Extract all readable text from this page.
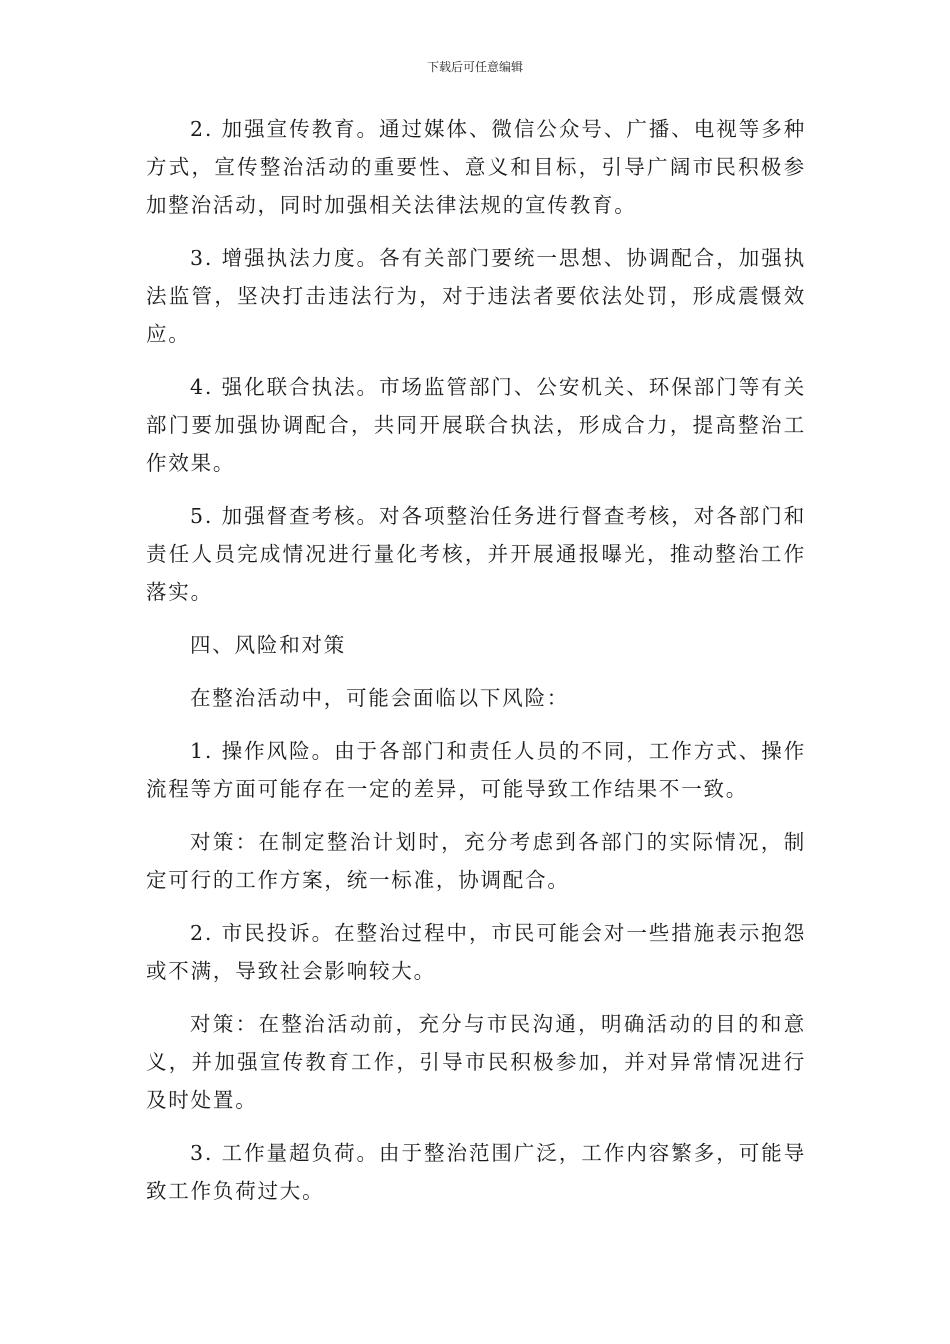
下载后可任意编辑

2. 加强宣传教育。通过媒体、微信公众号、广播、电视等多种方式，宣传整治活动的重要性、意义和目标，引导广阔市民积极参加整治活动，同时加强相关法律法规的宣传教育。

3. 增强执法力度。各有关部门要统一思想、协调配合，加强执法监管，坚决打击违法行为，对于违法者要依法处罚，形成震慑效应。

4. 强化联合执法。市场监管部门、公安机关、环保部门等有关部门要加强协调配合，共同开展联合执法，形成合力，提高整治工作效果。

5. 加强督查考核。对各项整治任务进行督查考核，对各部门和责任人员完成情况进行量化考核，并开展通报曝光，推动整治工作落实。

四、风险和对策

在整治活动中，可能会面临以下风险：

1. 操作风险。由于各部门和责任人员的不同，工作方式、操作流程等方面可能存在一定的差异，可能导致工作结果不一致。

对策：在制定整治计划时，充分考虑到各部门的实际情况，制定可行的工作方案，统一标准，协调配合。

2. 市民投诉。在整治过程中，市民可能会对一些措施表示抱怨或不满，导致社会影响较大。

对策：在整治活动前，充分与市民沟通，明确活动的目的和意义，并加强宣传教育工作，引导市民积极参加，并对异常情况进行及时处置。

3. 工作量超负荷。由于整治范围广泛，工作内容繁多，可能导致工作负荷过大。
